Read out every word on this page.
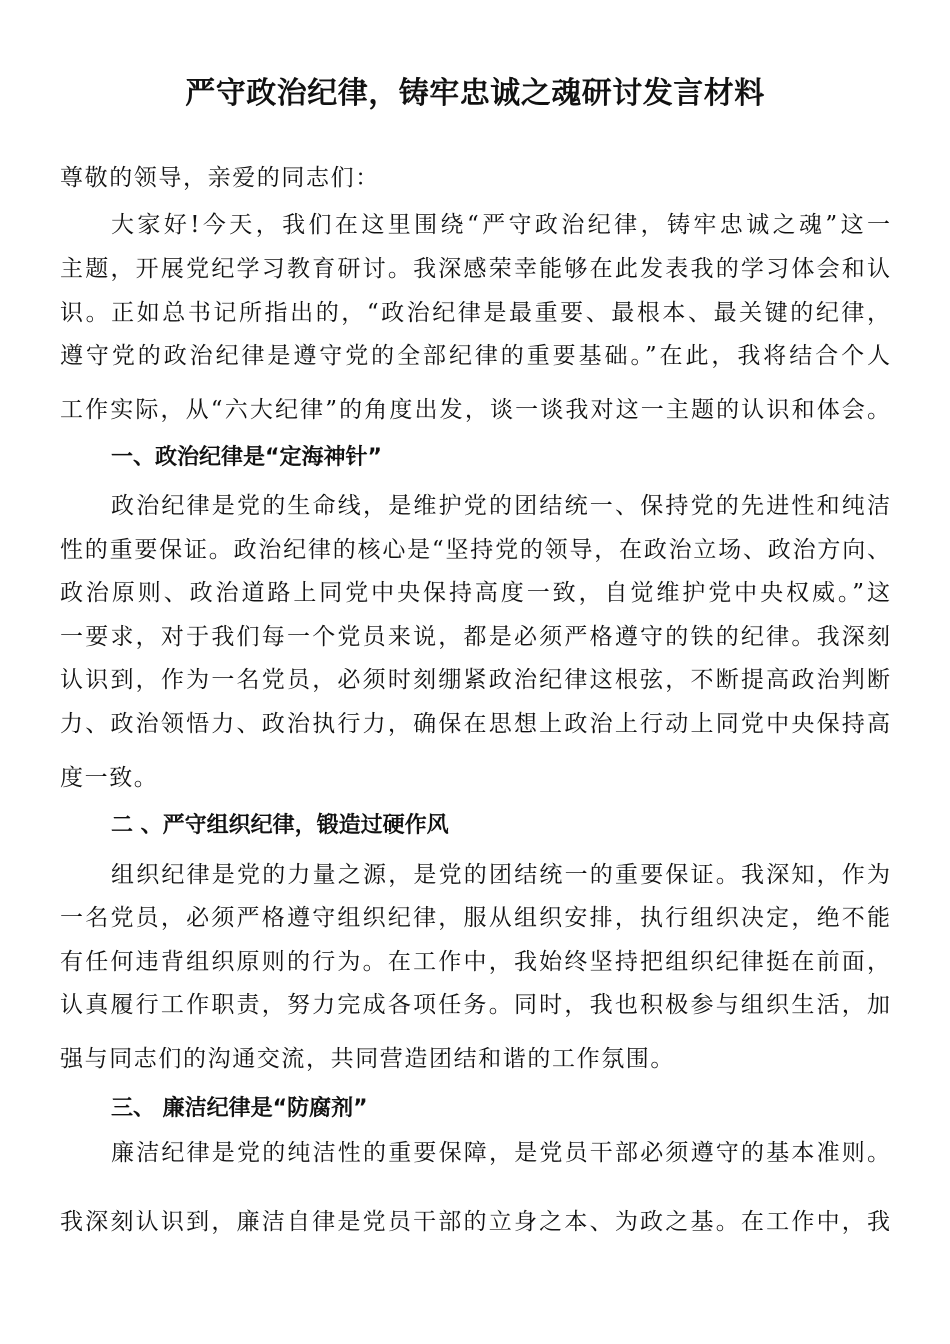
严守政治纪律，铸牢忠诚之魂研讨发言材料
尊敬的领导，亲爱的同志们：
大家好!今天，我们在这里围绕“严守政治纪律，铸牢忠诚之魂”这一
主题，开展党纪学习教育研讨。我深感荣幸能够在此发表我的学习体会和认
识。正如总书记所指出的，“政治纪律是最重要、最根本、最关键的纪律，
遵守党的政治纪律是遵守党的全部纪律的重要基础。”在此，我将结合个人
工作实际，从“六大纪律”的角度出发，谈一谈我对这一主题的认识和体会。
一、政治纪律是“定海神针”
政治纪律是党的生命线，是维护党的团结统一、保持党的先进性和纯洁
性的重要保证。政治纪律的核心是“坚持党的领导，在政治立场、政治方向、
政治原则、政治道路上同党中央保持高度一致，自觉维护党中央权威。”这
一要求，对于我们每一个党员来说，都是必须严格遵守的铁的纪律。我深刻
认识到，作为一名党员，必须时刻绷紧政治纪律这根弦，不断提高政治判断
力、政治领悟力、政治执行力，确保在思想上政治上行动上同党中央保持高
度一致。
二 、严守组织纪律，锻造过硬作风
组织纪律是党的力量之源，是党的团结统一的重要保证。我深知，作为
一名党员，必须严格遵守组织纪律，服从组织安排，执行组织决定，绝不能
有任何违背组织原则的行为。在工作中，我始终坚持把组织纪律挺在前面，
认真履行工作职责，努力完成各项任务。同时，我也积极参与组织生活，加
强与同志们的沟通交流，共同营造团结和谐的工作氛围。
三、 廉洁纪律是“防腐剂”
廉洁纪律是党的纯洁性的重要保障，是党员干部必须遵守的基本准则。
我深刻认识到，廉洁自律是党员干部的立身之本、为政之基。在工作中，我
